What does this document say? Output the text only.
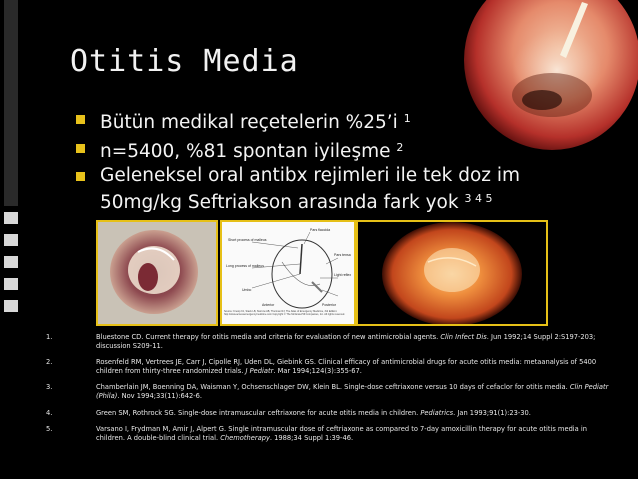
Otitis Media
Bütün medikal reçetelerin %25’i $^1$
n=5400, %81 spontan iyileşme $^2$
Geleneksel oral antibx rejimleri ile tek doz im 50mg/kg Seftriakson arasında fark yok $^{3 4 5}$
Pars flaccida
Short process of malleus
Long process of malleus
Pars tensa
Umbo
Light reflex
Anterior	Posterior
Source: Knoop KJ, Stack LB, Storrow AB, Thurman RJ: The Atlas of Emergency Medicine, 3rd Edition: http://www.accessemergencymedicine.com Copyright © The McGraw-Hill Companies, Inc. All rights reserved.
1.	Bluestone CD. Current therapy for otitis media and criteria for evaluation of new antimicrobial agents. Clin Infect Dis. Jun 1992;14 Suppl 2:S197-203; discussion S209-11.
2.	Rosenfeld RM, Vertrees JE, Carr J, Cipolle RJ, Uden DL, Giebink GS. Clinical efficacy of antimicrobial drugs for acute otitis media: metaanalysis of 5400 children from thirty-three randomized trials. J Pediatr. Mar 1994;124(3):355-67.
3.	Chamberlain JM, Boenning DA, Waisman Y, Ochsenschlager DW, Klein BL. Single-dose ceftriaxone versus 10 days of cefaclor for otitis media. Clin Pediatr (Phila). Nov 1994;33(11):642-6.
4.	Green SM, Rothrock SG. Single-dose intramuscular ceftriaxone for acute otitis media in children. Pediatrics. Jan 1993;91(1):23-30.
5.	Varsano I, Frydman M, Amir J, Alpert G. Single intramuscular dose of ceftriaxone as compared to 7-day amoxicillin therapy for acute otitis media in children. A double-blind clinical trial. Chemotherapy. 1988;34 Suppl 1:39-46.
